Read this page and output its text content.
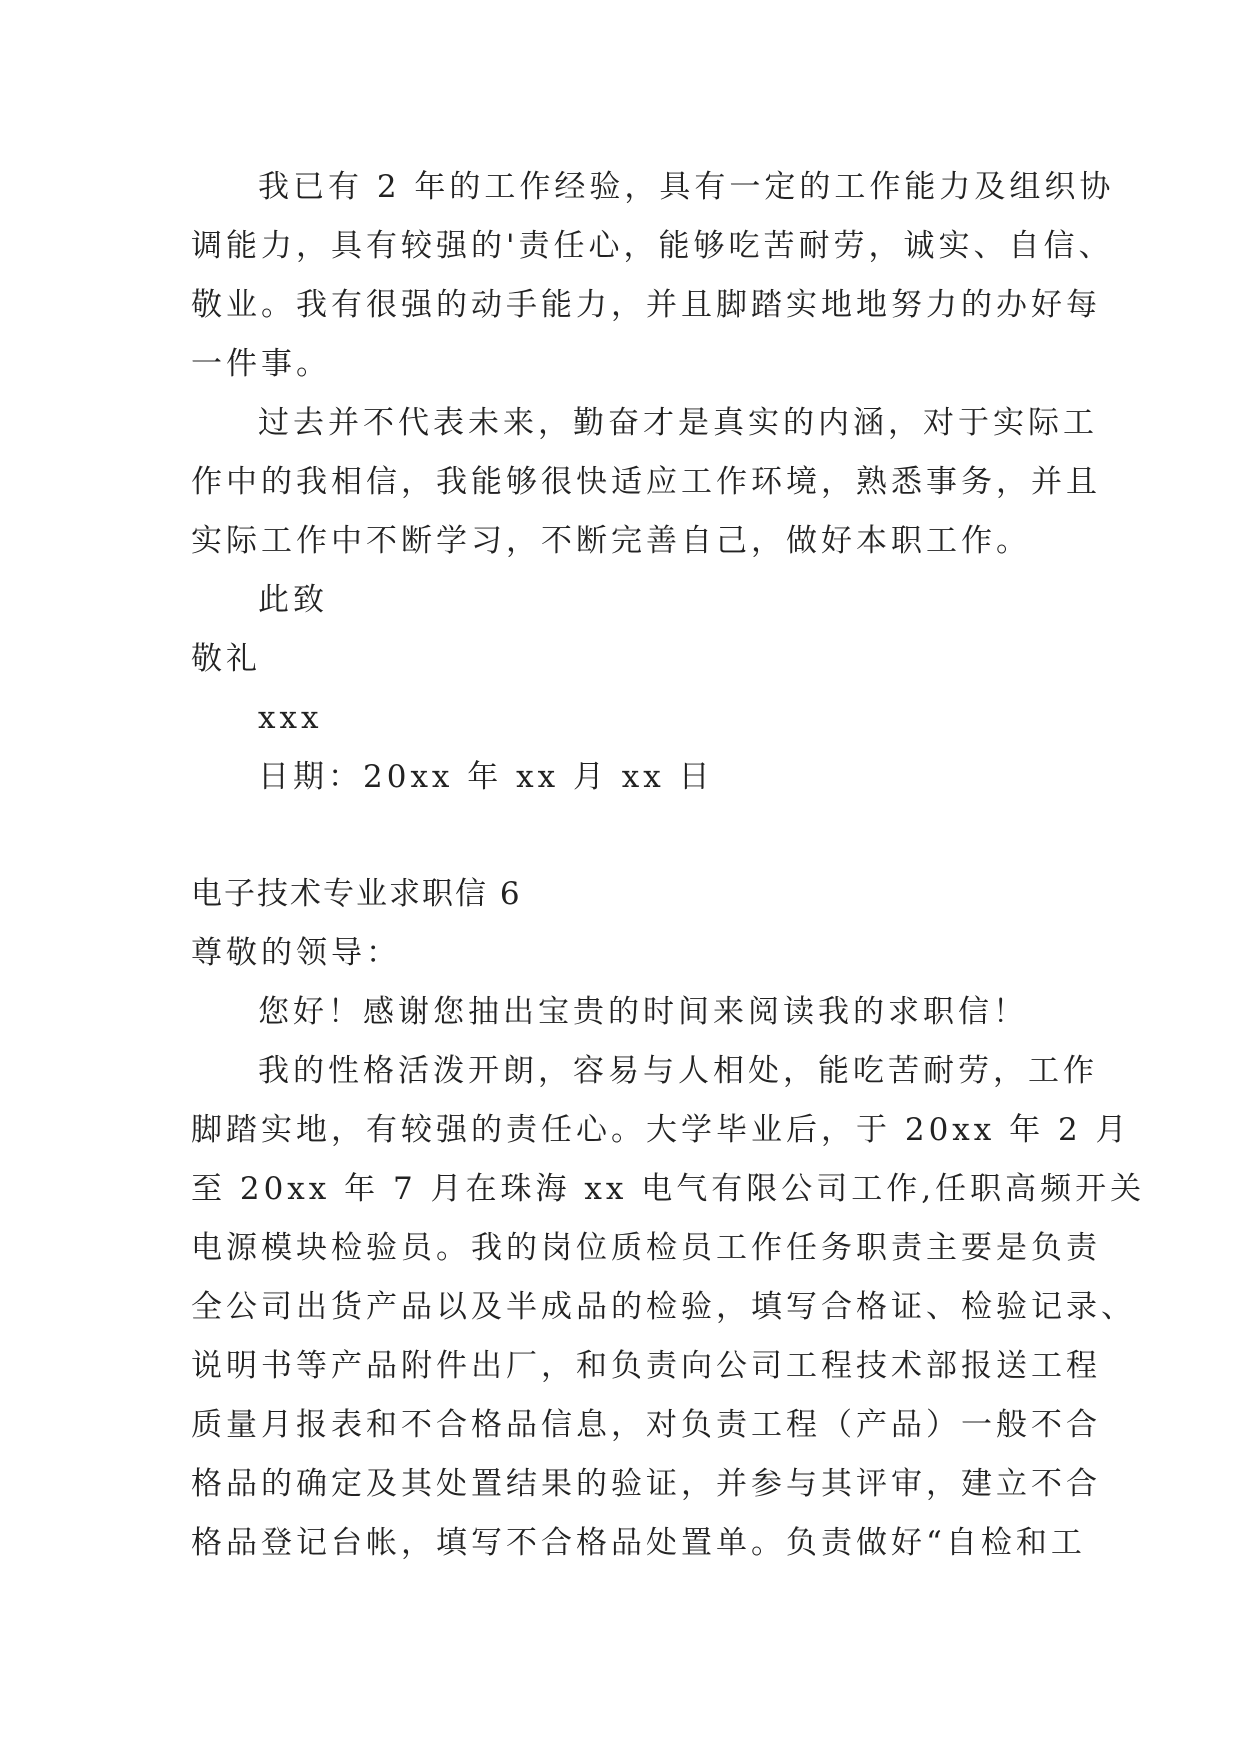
我已有 2 年的工作经验，具有一定的工作能力及组织协
调能力，具有较强的'责任心，能够吃苦耐劳，诚实、自信、
敬业。我有很强的动手能力，并且脚踏实地地努力的办好每
一件事。
过去并不代表未来，勤奋才是真实的内涵，对于实际工
作中的我相信，我能够很快适应工作环境，熟悉事务，并且
实际工作中不断学习，不断完善自己，做好本职工作。
此致
敬礼
xxx
日期：20xx 年 xx 月 xx 日
电子技术专业求职信 6
尊敬的领导：
您好！感谢您抽出宝贵的时间来阅读我的求职信！
我的性格活泼开朗，容易与人相处，能吃苦耐劳，工作
脚踏实地，有较强的责任心。大学毕业后，于 20xx 年 2 月
至 20xx 年 7 月在珠海 xx 电气有限公司工作,任职高频开关
电源模块检验员。我的岗位质检员工作任务职责主要是负责
全公司出货产品以及半成品的检验，填写合格证、检验记录、
说明书等产品附件出厂，和负责向公司工程技术部报送工程
质量月报表和不合格品信息，对负责工程（产品）一般不合
格品的确定及其处置结果的验证，并参与其评审，建立不合
格品登记台帐，填写不合格品处置单。负责做好“自检和工
